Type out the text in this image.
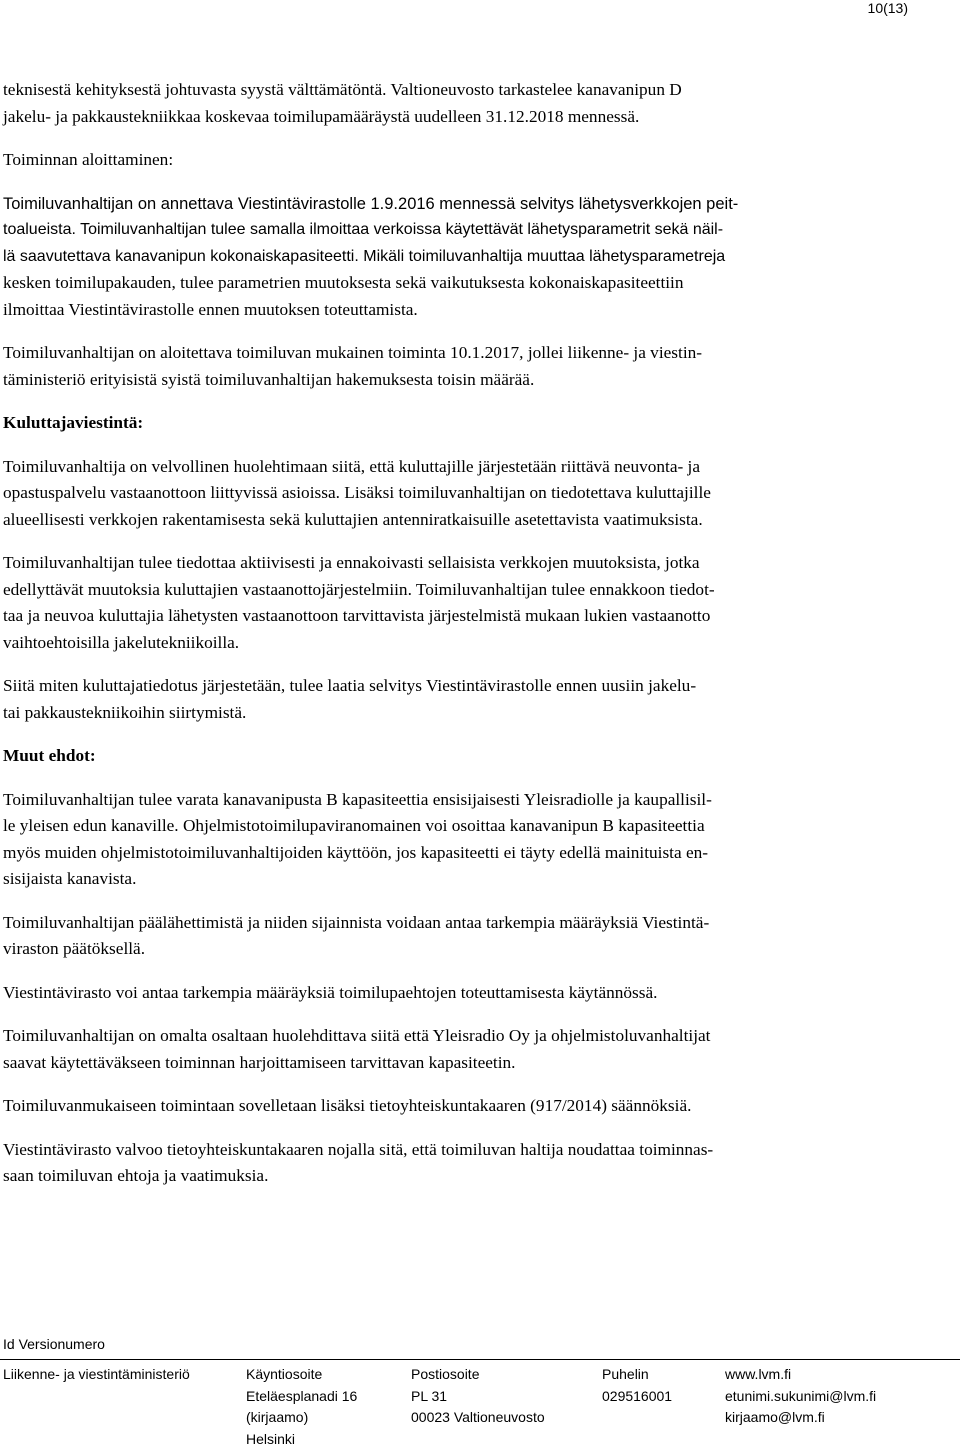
10(13)

teknisestä kehityksestä johtuvasta syystä välttämätöntä. Valtioneuvosto tarkastelee kanavanipun D
jakelu- ja pakkaustekniikkaa koskevaa toimilupamääräystä uudelleen 31.12.2018 mennessä.

Toiminnan aloittaminen:

Toimiluvanhaltijan on annettava Viestintävirastolle 1.9.2016 mennessä selvitys lähetysverkkojen peit-
toalueista. Toimiluvanhaltijan tulee samalla ilmoittaa verkoissa käytettävät lähetysparametrit sekä näil-
lä saavutettava kanavanipun kokonaiskapasiteetti. Mikäli toimiluvanhaltija muuttaa lähetysparametreja
kesken toimilupakauden, tulee parametrien muutoksesta sekä vaikutuksesta kokonaiskapasiteettiin
ilmoittaa Viestintävirastolle ennen muutoksen toteuttamista.

Toimiluvanhaltijan on aloitettava toimiluvan mukainen toiminta 10.1.2017, jollei liikenne- ja viestin-
täministeriö erityisistä syistä toimiluvanhaltijan hakemuksesta toisin määrää.

Kuluttajaviestintä:

Toimiluvanhaltija on velvollinen huolehtimaan siitä, että kuluttajille järjestetään riittävä neuvonta- ja
opastuspalvelu vastaanottoon liittyvissä asioissa. Lisäksi toimiluvanhaltijan on tiedotettava kuluttajille
alueellisesti verkkojen rakentamisesta sekä kuluttajien antenniratkaisuille asetettavista vaatimuksista.

Toimiluvanhaltijan tulee tiedottaa aktiivisesti ja ennakoivasti sellaisista verkkojen muutoksista, jotka
edellyttävät muutoksia kuluttajien vastaanottojärjestelmiin. Toimiluvanhaltijan tulee ennakkoon tiedot-
taa ja neuvoa kuluttajia lähetysten vastaanottoon tarvittavista järjestelmistä mukaan lukien vastaanotto
vaihtoehtoisilla jakelutekniikoilla.

Siitä miten kuluttajatiedotus järjestetään, tulee laatia selvitys Viestintävirastolle ennen uusiin jakelu-
tai pakkaustekniikoihin siirtymistä.

Muut ehdot:

Toimiluvanhaltijan tulee varata kanavanipusta B kapasiteettia ensisijaisesti Yleisradiolle ja kaupallisil-
le yleisen edun kanaville. Ohjelmistotoimilupaviranomainen voi osoittaa kanavanipun B kapasiteettia
myös muiden ohjelmistotoimiluvanhaltijoiden käyttöön, jos kapasiteetti ei täyty edellä mainituista en-
sisijaista kanavista.

Toimiluvanhaltijan päälähettimistä ja niiden sijainnista voidaan antaa tarkempia määräyksiä Viestintä-
viraston päätöksellä.

Viestintävirasto voi antaa tarkempia määräyksiä toimilupaehtojen toteuttamisesta käytännössä.

Toimiluvanhaltijan on omalta osaltaan huolehdittava siitä että Yleisradio Oy ja ohjelmistoluvanhaltijat
saavat käytettäväkseen toiminnan harjoittamiseen tarvittavan kapasiteetin.

Toimiluvanmukaiseen toimintaan sovelletaan lisäksi tietoyhteiskuntakaaren (917/2014) säännöksiä.

Viestintävirasto valvoo tietoyhteiskuntakaaren nojalla sitä, että toimiluvan haltija noudattaa toiminnas-
saan toimiluvan ehtoja ja vaatimuksia.

Id Versionumero
Liikenne- ja viestintäministeriö	Käyntiosoite
Eteläesplanadi 16
(kirjaamo)
Helsinki
Postiosoite
PL 31
00023 Valtioneuvosto
Puhelin
029516001
www.lvm.fi
etunimi.sukunimi@lvm.fi
kirjaamo@lvm.fi
